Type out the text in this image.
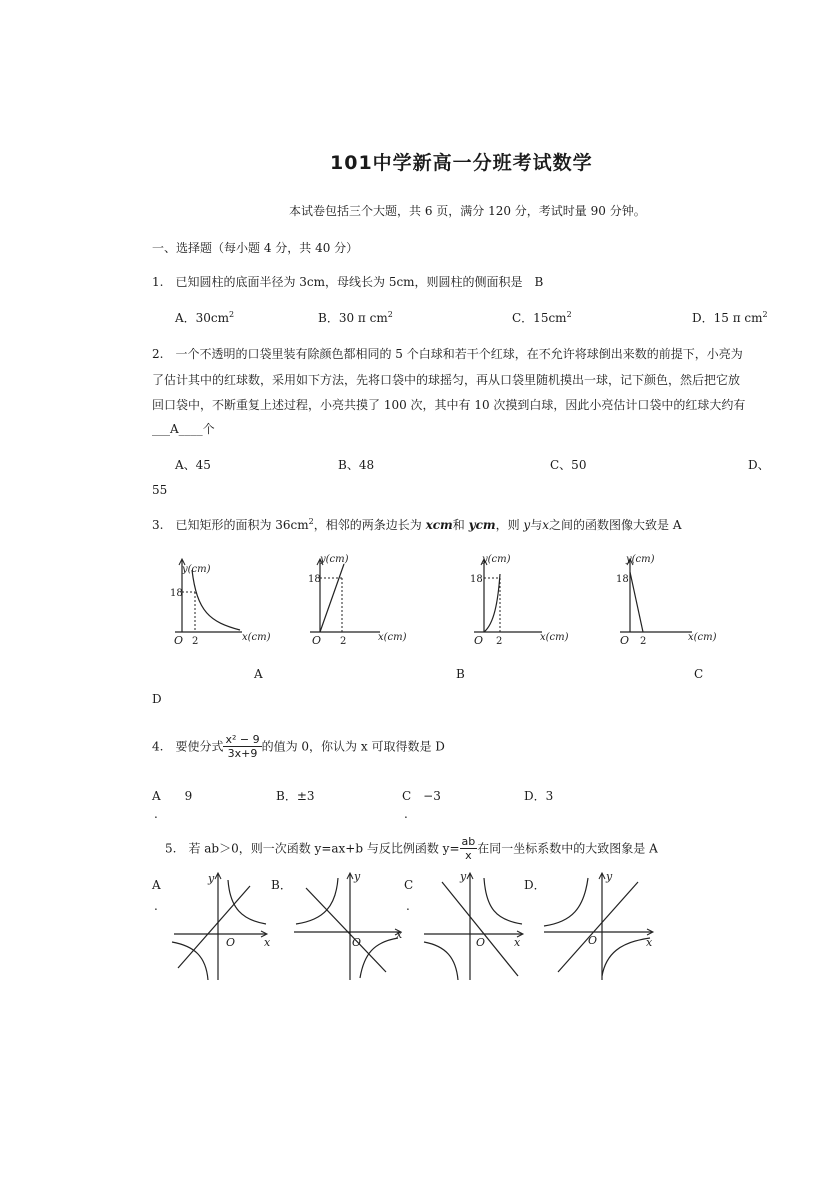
101中学新高一分班考试数学
本试卷包括三个大题，共 6 页，满分 120 分，考试时量 90 分钟。
一、选择题（每小题 4 分，共 40 分）
1.　已知圆柱的底面半径为 3cm，母线长为 5cm，则圆柱的侧面积是　B
A．$30cm^2$	B．30 π $cm^2$	C．$15cm^2$	D．15 π $cm^2$
2.　一个不透明的口袋里装有除颜色都相同的 5 个白球和若干个红球，在不允许将球倒出来数的前提下，小亮为
了估计其中的红球数，采用如下方法，先将口袋中的球摇匀，再从口袋里随机摸出一球，记下颜色，然后把它放
回口袋中，不断重复上述过程，小亮共摸了 100 次，其中有 10 次摸到白球，因此小亮估计口袋中的红球大约有
___A____个
A、45	B、48	C、50	D、
55
3.　已知矩形的面积为 $36cm^2$，相邻的两条边长为 xcm和 ycm，则 y与x之间的函数图像大致是 A
y(cm)
18
O 2	x(cm)
y(cm)
18
O 2	x(cm)
y(cm)
18
O 2	x(cm)
y(cm)
18
O 2	x(cm)
A	B	C
D
4.　要使分式 $\frac{\text{x² − 9}}{3x+9}$ 的值为 0，你认为 x 可取得数是 D
A　　9	B．±3	C　−3	D．3
.	.
5.　若 ab＞0，则一次函数 y=ax+b 与反比例函数 $y= \frac{ab}{x}$ 在同一坐标系数中的大致图象是 A
A
.
B．	C
.
D．
y
O	x
y
O
x
y
O	x
y
O	x
